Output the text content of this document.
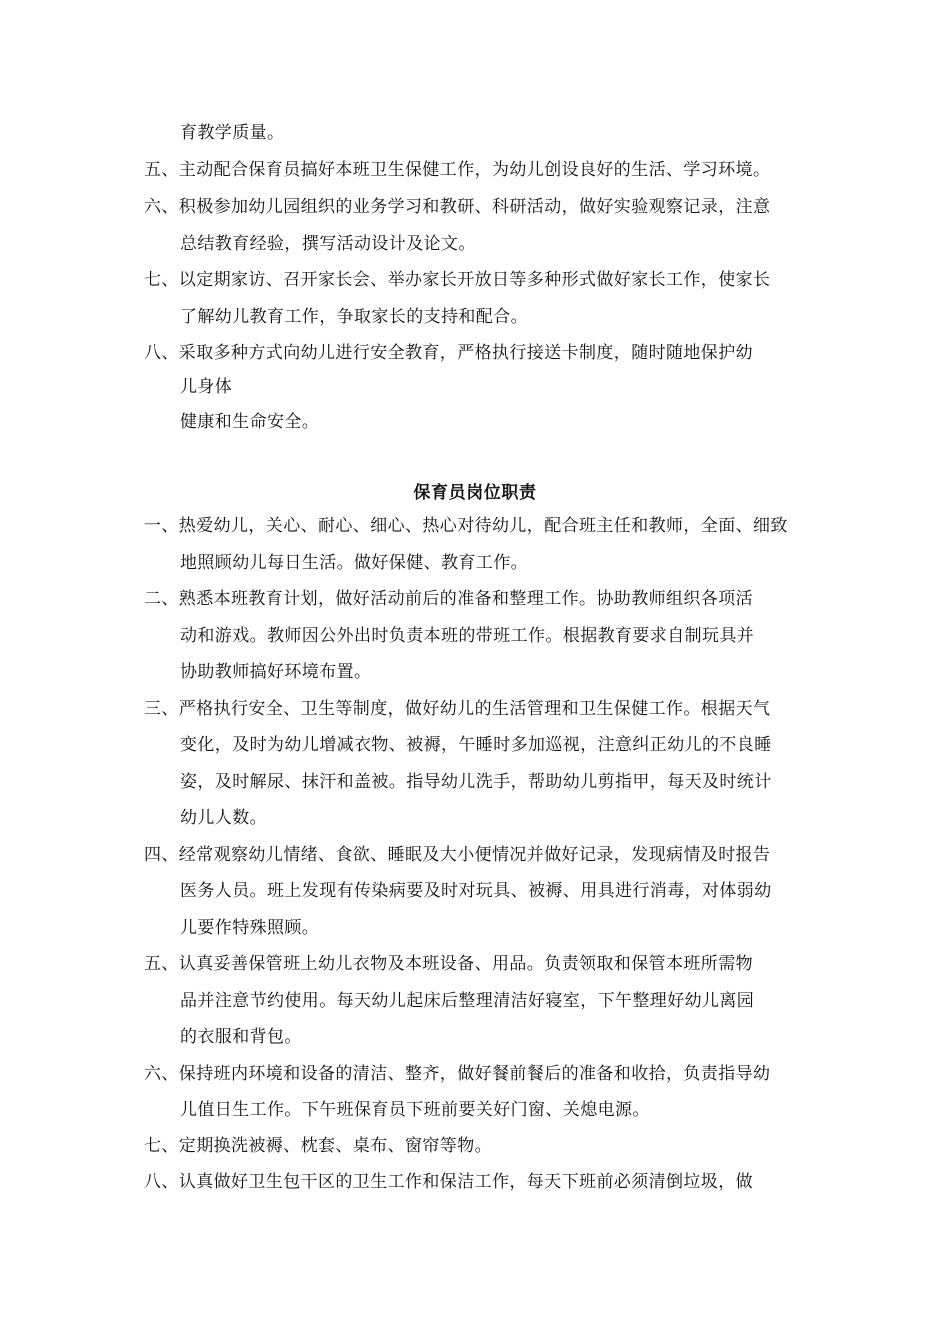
育教学质量。
五、主动配合保育员搞好本班卫生保健工作，为幼儿创设良好的生活、学习环境。
六、积极参加幼儿园组织的业务学习和教研、科研活动，做好实验观察记录，注意
总结教育经验，撰写活动设计及论文。
七、以定期家访、召开家长会、举办家长开放日等多种形式做好家长工作，使家长
了解幼儿教育工作，争取家长的支持和配合。
八、采取多种方式向幼儿进行安全教育，严格执行接送卡制度，随时随地保护幼
儿身体
健康和生命安全。
保育员岗位职责
一、热爱幼儿，关心、耐心、细心、热心对待幼儿，配合班主任和教师，全面、细致
地照顾幼儿每日生活。做好保健、教育工作。
二、熟悉本班教育计划，做好活动前后的准备和整理工作。协助教师组织各项活
动和游戏。教师因公外出时负责本班的带班工作。根据教育要求自制玩具并
协助教师搞好环境布置。
三、严格执行安全、卫生等制度，做好幼儿的生活管理和卫生保健工作。根据天气
变化，及时为幼儿增减衣物、被褥，午睡时多加巡视，注意纠正幼儿的不良睡
姿，及时解尿、抹汗和盖被。指导幼儿洗手，帮助幼儿剪指甲，每天及时统计
幼儿人数。
四、经常观察幼儿情绪、食欲、睡眠及大小便情况并做好记录，发现病情及时报告
医务人员。班上发现有传染病要及时对玩具、被褥、用具进行消毒，对体弱幼
儿要作特殊照顾。
五、认真妥善保管班上幼儿衣物及本班设备、用品。负责领取和保管本班所需物
品并注意节约使用。每天幼儿起床后整理清洁好寝室，下午整理好幼儿离园
的衣服和背包。
六、保持班内环境和设备的清洁、整齐，做好餐前餐后的准备和收拾，负责指导幼
儿值日生工作。下午班保育员下班前要关好门窗、关熄电源。
七、定期换洗被褥、枕套、桌布、窗帘等物。
八、认真做好卫生包干区的卫生工作和保洁工作，每天下班前必须清倒垃圾，做
